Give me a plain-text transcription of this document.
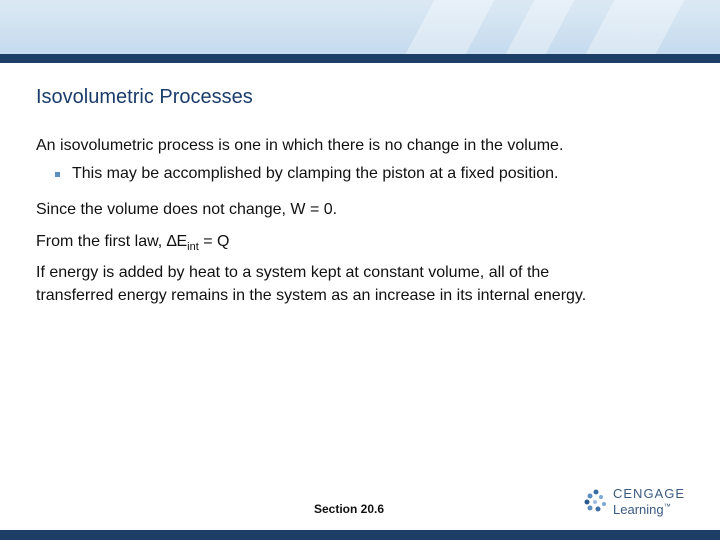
Isovolumetric Processes
An isovolumetric process is one in which there is no change in the volume.
This may be accomplished by clamping the piston at a fixed position.
Since the volume does not change, W = 0.
From the first law, $\Delta E_{int} = Q$
If energy is added by heat to a system kept at constant volume, all of the
transferred energy remains in the system as an increase in its internal energy.
Section 20.6
CENGAGE
Learning™
